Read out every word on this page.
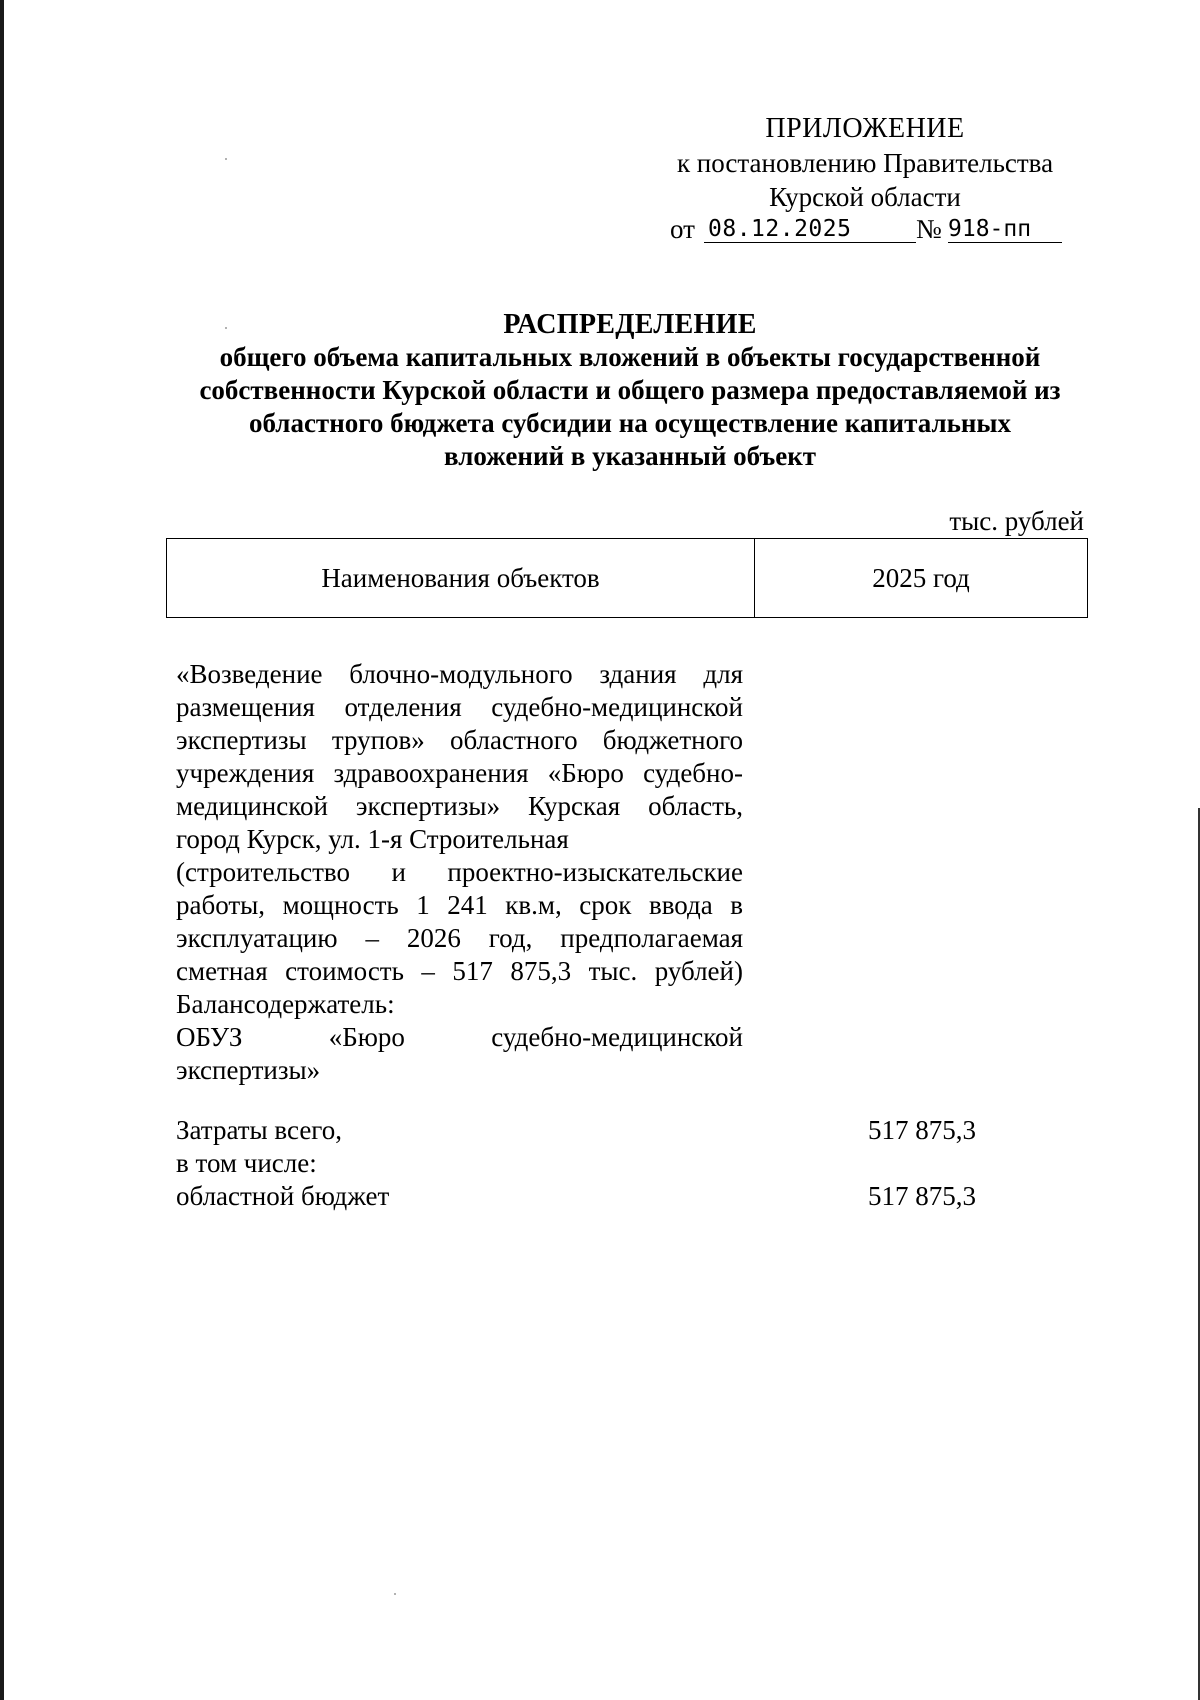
ПРИЛОЖЕНИЕ
к постановлению Правительства
Курской области
от 08.12.2025 № 918-пп
РАСПРЕДЕЛЕНИЕ
общего объема капитальных вложений в объекты государственной
собственности Курской области и общего размера предоставляемой из
областного бюджета субсидии на осуществление капитальных
вложений в указанный объект
тыс. рублей
Наименования объектов	2025 год
«Возведение блочно-модульного здания для
размещения отделения судебно-медицинской
экспертизы трупов» областного бюджетного
учреждения здравоохранения «Бюро судебно-
медицинской экспертизы» Курская область,
город Курск, ул. 1-я Строительная
(строительство и проектно-изыскательские
работы, мощность 1 241 кв.м, срок ввода в
эксплуатацию – 2026 год, предполагаемая
сметная стоимость – 517 875,3 тыс. рублей)
Балансодержатель:
ОБУЗ «Бюро судебно-медицинской
экспертизы»
Затраты всего,	517 875,3
в том числе:
областной бюджет	517 875,3
